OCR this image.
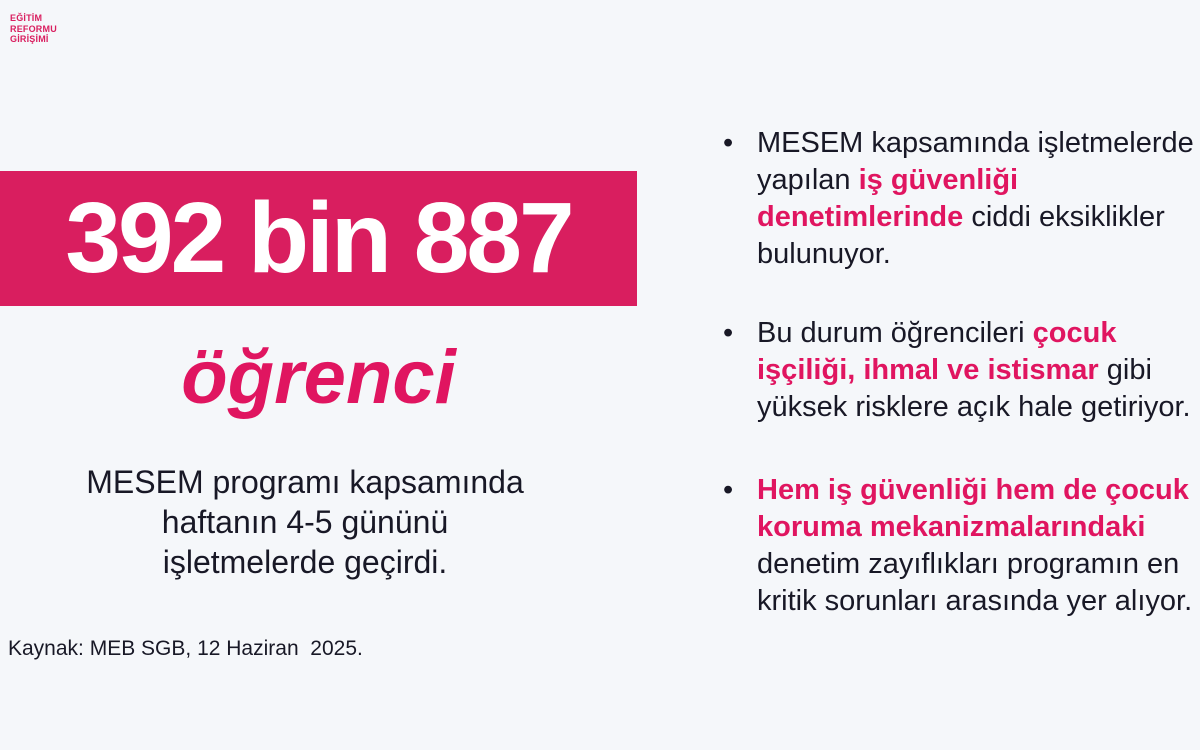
EĞİTİM
REFORMU
GİRİŞİMİ
392 bin 887
öğrenci
MESEM programı kapsamında
haftanın 4-5 gününü
işletmelerde geçirdi.
Kaynak: MEB SGB, 12 Haziran  2025.
• MESEM kapsamında işletmelerde
yapılan iş güvenliği
denetimlerinde ciddi eksiklikler
bulunuyor.
• Bu durum öğrencileri çocuk
işçiliği, ihmal ve istismar gibi
yüksek risklere açık hale getiriyor.
• Hem iş güvenliği hem de çocuk
koruma mekanizmalarındaki
denetim zayıflıkları programın en
kritik sorunları arasında yer alıyor.
